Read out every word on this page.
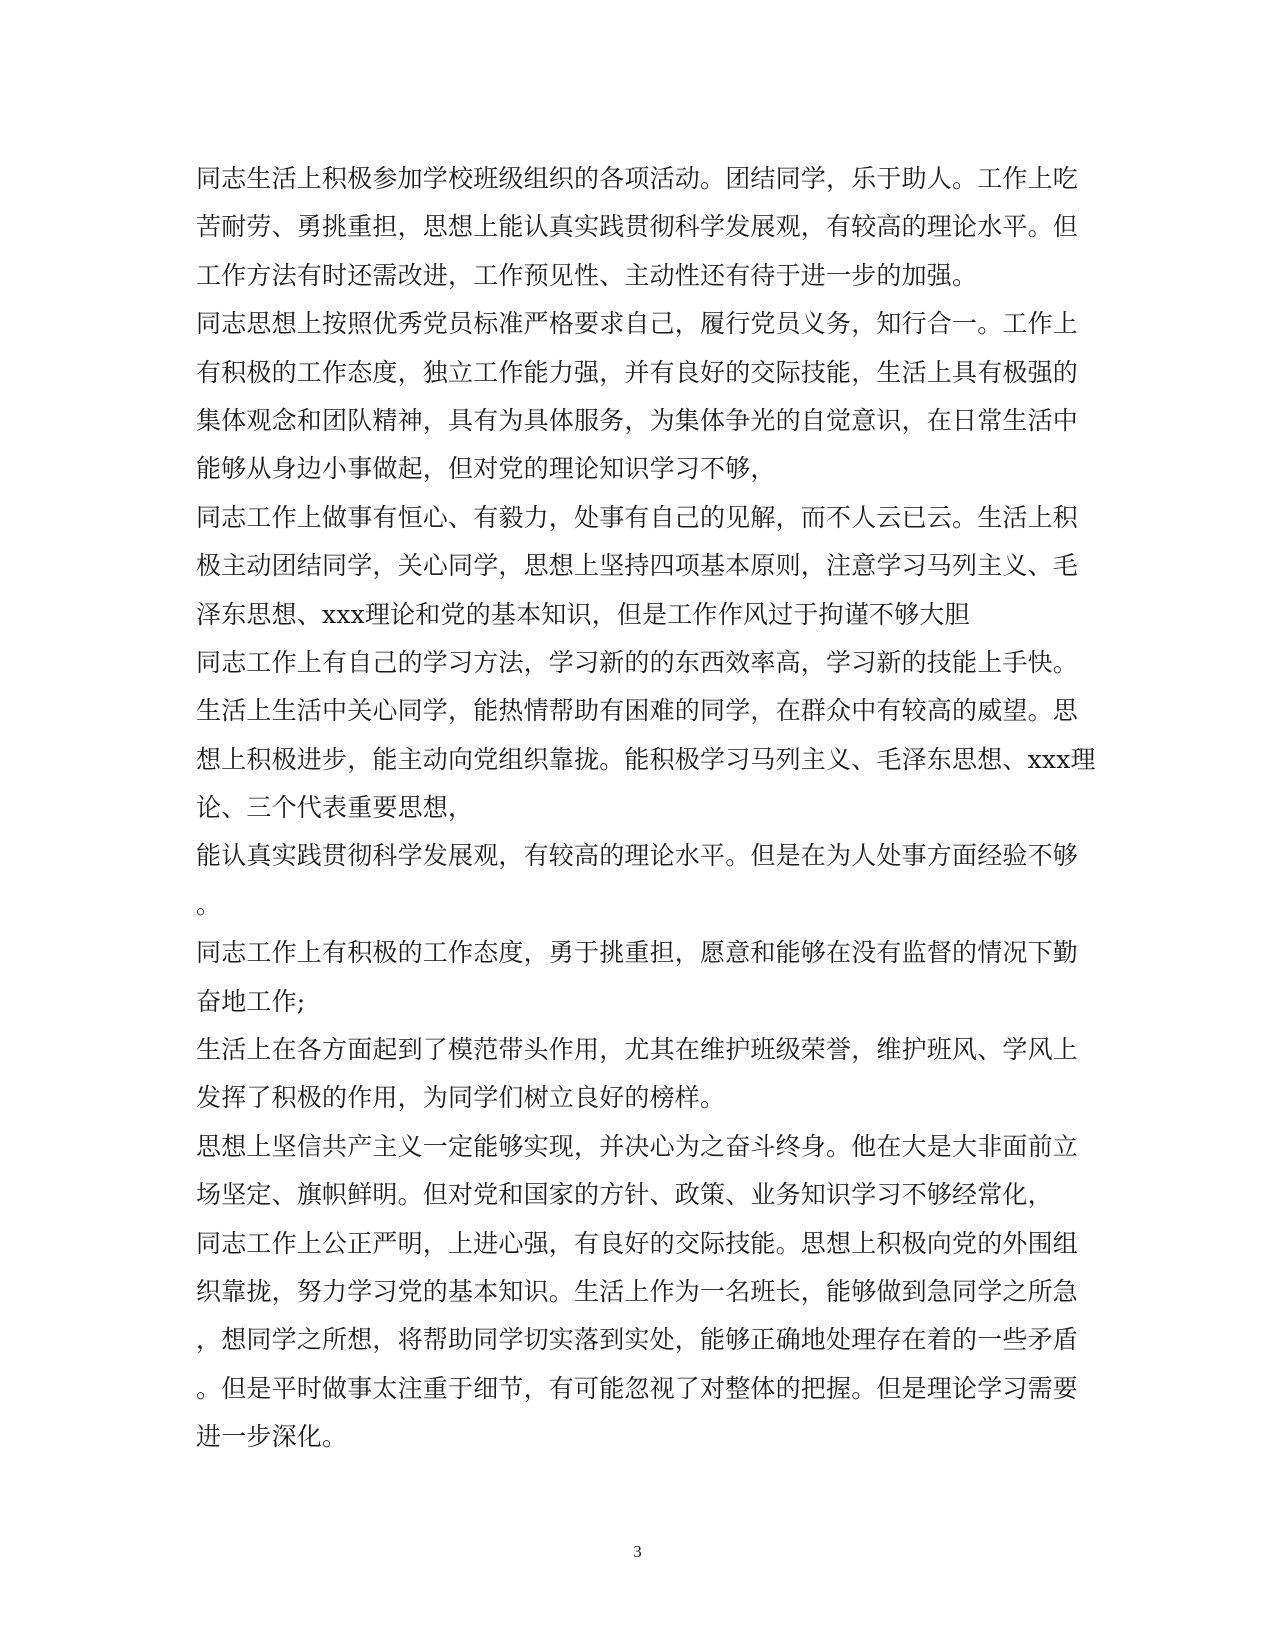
同志生活上积极参加学校班级组织的各项活动。团结同学，乐于助人。工作上吃
苦耐劳、勇挑重担，思想上能认真实践贯彻科学发展观，有较高的理论水平。但
工作方法有时还需改进，工作预见性、主动性还有待于进一步的加强。
同志思想上按照优秀党员标准严格要求自己，履行党员义务，知行合一。工作上
有积极的工作态度，独立工作能力强，并有良好的交际技能，生活上具有极强的
集体观念和团队精神，具有为具体服务，为集体争光的自觉意识，在日常生活中
能够从身边小事做起，但对党的理论知识学习不够，
同志工作上做事有恒心、有毅力，处事有自己的见解，而不人云已云。生活上积
极主动团结同学，关心同学，思想上坚持四项基本原则，注意学习马列主义、毛
泽东思想、xxx理论和党的基本知识，但是工作作风过于拘谨不够大胆
同志工作上有自己的学习方法，学习新的的东西效率高，学习新的技能上手快。
生活上生活中关心同学，能热情帮助有困难的同学，在群众中有较高的威望。思
想上积极进步，能主动向党组织靠拢。能积极学习马列主义、毛泽东思想、xxx理
论、三个代表重要思想，
能认真实践贯彻科学发展观，有较高的理论水平。但是在为人处事方面经验不够
。
同志工作上有积极的工作态度，勇于挑重担，愿意和能够在没有监督的情况下勤
奋地工作;
生活上在各方面起到了模范带头作用，尤其在维护班级荣誉，维护班风、学风上
发挥了积极的作用，为同学们树立良好的榜样。
思想上坚信共产主义一定能够实现，并决心为之奋斗终身。他在大是大非面前立
场坚定、旗帜鲜明。但对党和国家的方针、政策、业务知识学习不够经常化，
同志工作上公正严明，上进心强，有良好的交际技能。思想上积极向党的外围组
织靠拢，努力学习党的基本知识。生活上作为一名班长，能够做到急同学之所急
，想同学之所想，将帮助同学切实落到实处，能够正确地处理存在着的一些矛盾
。但是平时做事太注重于细节，有可能忽视了对整体的把握。但是理论学习需要
进一步深化。
3
